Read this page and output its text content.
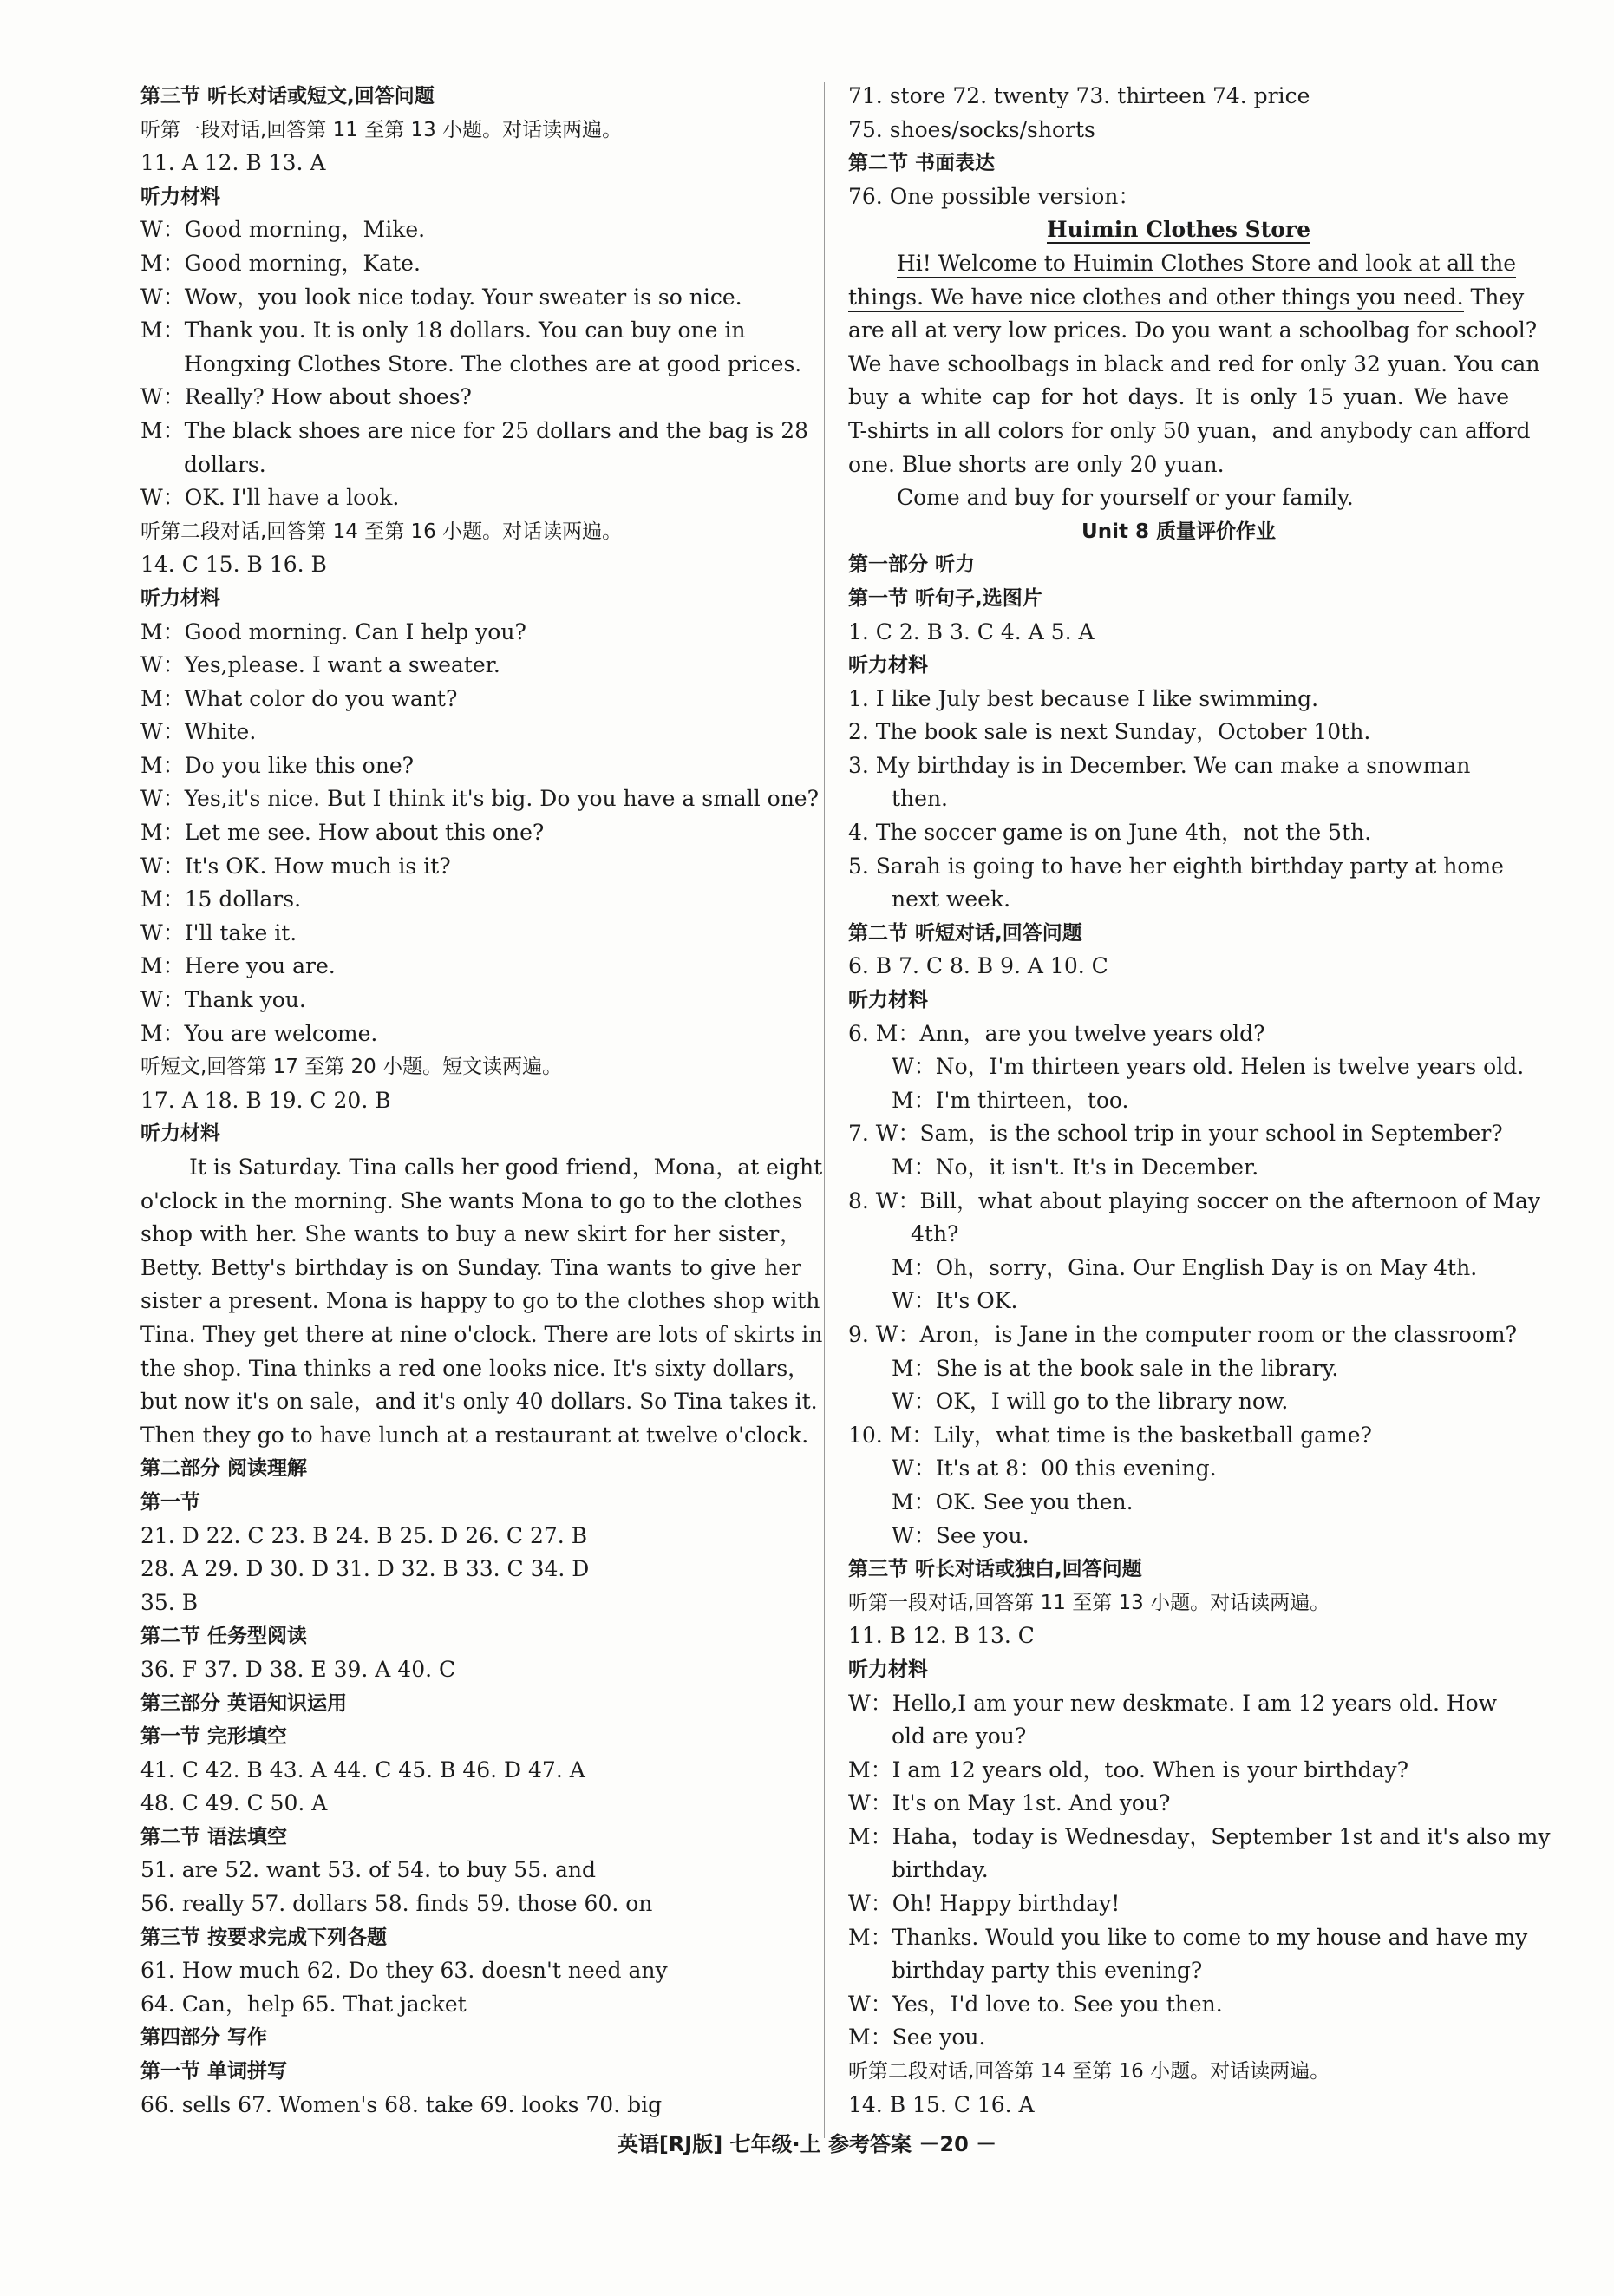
第三节 听长对话或短文,回答问题
听第一段对话,回答第 11 至第 13 小题。对话读两遍。
11. A 12. B 13. A
听力材料
W：Good morning，Mike.
M：Good morning，Kate.
W：Wow，you look nice today. Your sweater is so nice.
M：Thank you. It is only 18 dollars. You can buy one in
Hongxing Clothes Store. The clothes are at good prices.
W：Really? How about shoes?
M：The black shoes are nice for 25 dollars and the bag is 28
dollars.
W：OK. I'll have a look.
听第二段对话,回答第 14 至第 16 小题。对话读两遍。
14. C 15. B 16. B
听力材料
M：Good morning. Can I help you?
W：Yes,please. I want a sweater.
M：What color do you want?
W：White.
M：Do you like this one?
W：Yes,it's nice. But I think it's big. Do you have a small one?
M：Let me see. How about this one?
W：It's OK. How much is it?
M：15 dollars.
W：I'll take it.
M：Here you are.
W：Thank you.
M：You are welcome.
听短文,回答第 17 至第 20 小题。短文读两遍。
17. A 18. B 19. C 20. B
听力材料
It is Saturday. Tina calls her good friend，Mona，at eight
o'clock in the morning. She wants Mona to go to the clothes
shop with her. She wants to buy a new skirt for her sister，
Betty. Betty's birthday is on Sunday. Tina wants to give her
sister a present. Mona is happy to go to the clothes shop with
Tina. They get there at nine o'clock. There are lots of skirts in
the shop. Tina thinks a red one looks nice. It's sixty dollars，
but now it's on sale，and it's only 40 dollars. So Tina takes it.
Then they go to have lunch at a restaurant at twelve o'clock.
第二部分 阅读理解
第一节
21. D 22. C 23. B 24. B 25. D 26. C 27. B
28. A 29. D 30. D 31. D 32. B 33. C 34. D
35. B
第二节 任务型阅读
36. F 37. D 38. E 39. A 40. C
第三部分 英语知识运用
第一节 完形填空
41. C 42. B 43. A 44. C 45. B 46. D 47. A
48. C 49. C 50. A
第二节 语法填空
51. are 52. want 53. of 54. to buy 55. and
56. really 57. dollars 58. finds 59. those 60. on
第三节 按要求完成下列各题
61. How much 62. Do they 63. doesn't need any
64. Can，help 65. That jacket
第四部分 写作
第一节 单词拼写
66. sells 67. Women's 68. take 69. looks 70. big
71. store 72. twenty 73. thirteen 74. price
75. shoes/socks/shorts
第二节 书面表达
76. One possible version：
Huimin Clothes Store
Hi! Welcome to Huimin Clothes Store and look at all the
things. We have nice clothes and other things you need. They
are all at very low prices. Do you want a schoolbag for school?
We have schoolbags in black and red for only 32 yuan. You can
buy a white cap for hot days. It is only 15 yuan. We have
T-shirts in all colors for only 50 yuan，and anybody can afford
one. Blue shorts are only 20 yuan.
Come and buy for yourself or your family.
Unit 8 质量评价作业
第一部分 听力
第一节 听句子,选图片
1. C 2. B 3. C 4. A 5. A
听力材料
1. I like July best because I like swimming.
2. The book sale is next Sunday，October 10th.
3. My birthday is in December. We can make a snowman
then.
4. The soccer game is on June 4th，not the 5th.
5. Sarah is going to have her eighth birthday party at home
next week.
第二节 听短对话,回答问题
6. B 7. C 8. B 9. A 10. C
听力材料
6. M：Ann，are you twelve years old?
W：No，I'm thirteen years old. Helen is twelve years old.
M：I'm thirteen，too.
7. W：Sam，is the school trip in your school in September?
M：No，it isn't. It's in December.
8. W：Bill，what about playing soccer on the afternoon of May
4th?
M：Oh，sorry，Gina. Our English Day is on May 4th.
W：It's OK.
9. W：Aron，is Jane in the computer room or the classroom?
M：She is at the book sale in the library.
W：OK，I will go to the library now.
10. M：Lily，what time is the basketball game?
W：It's at 8：00 this evening.
M：OK. See you then.
W：See you.
第三节 听长对话或独白,回答问题
听第一段对话,回答第 11 至第 13 小题。对话读两遍。
11. B 12. B 13. C
听力材料
W：Hello,I am your new deskmate. I am 12 years old. How
old are you?
M：I am 12 years old，too. When is your birthday?
W：It's on May 1st. And you?
M：Haha，today is Wednesday，September 1st and it's also my
birthday.
W：Oh! Happy birthday!
M：Thanks. Would you like to come to my house and have my
birthday party this evening?
W：Yes，I'd love to. See you then.
M：See you.
听第二段对话,回答第 14 至第 16 小题。对话读两遍。
14. B 15. C 16. A
英语[RJ版] 七年级·上 参考答案 －20 －
